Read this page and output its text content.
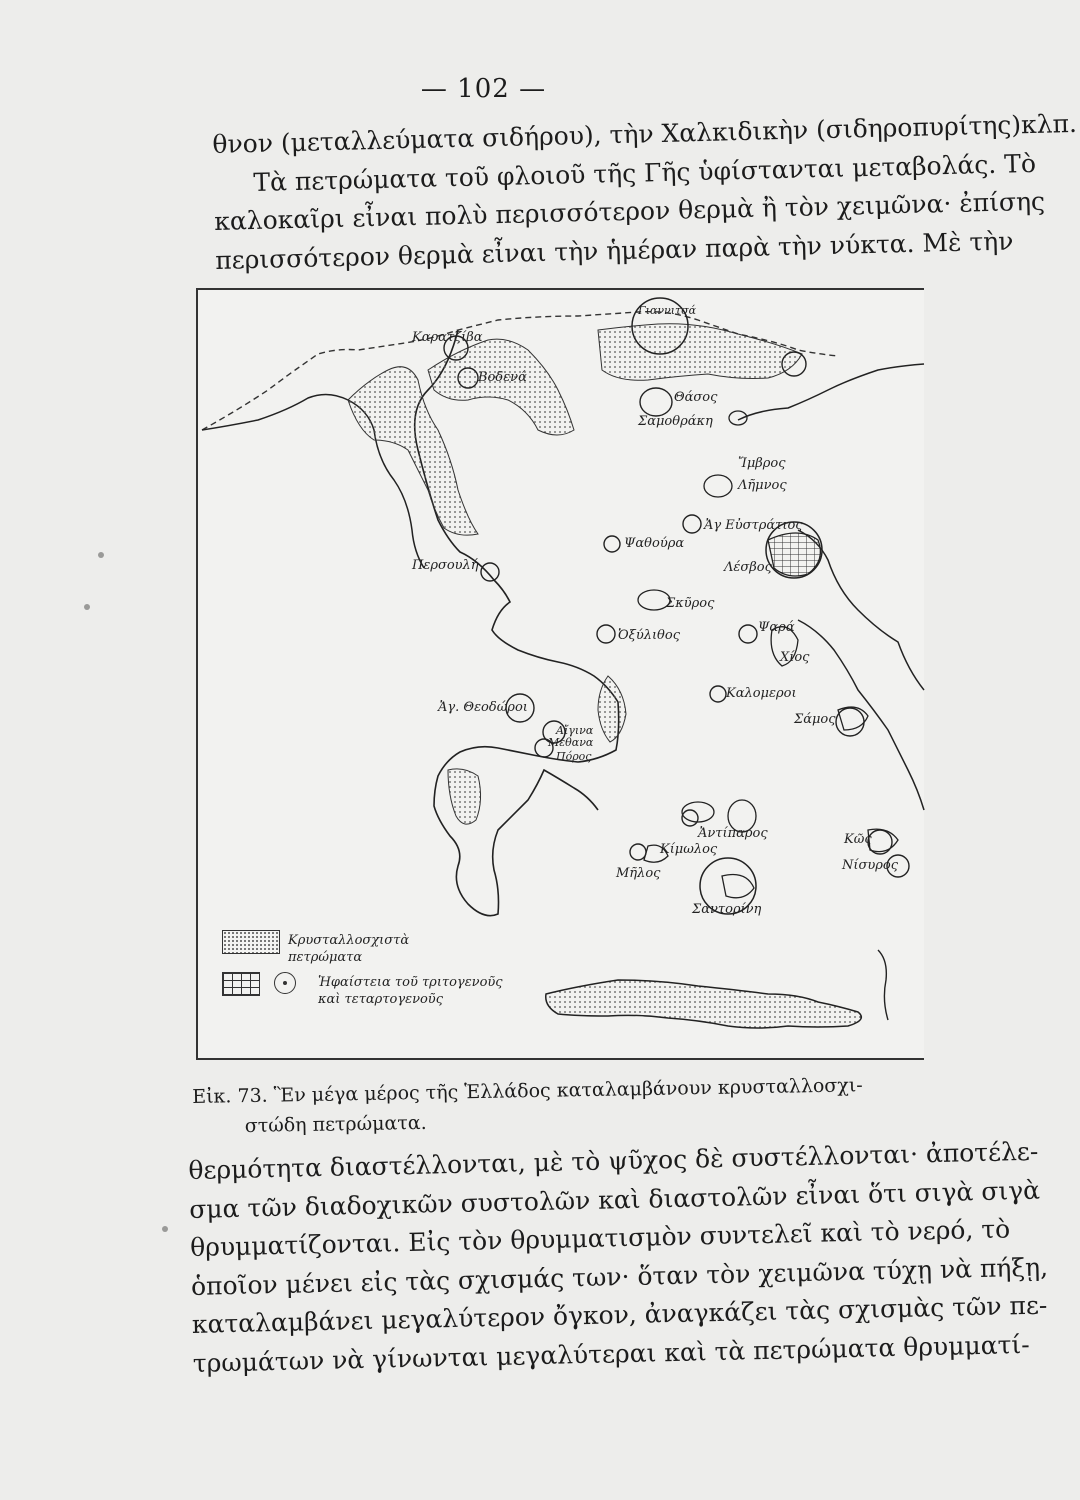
— 102 —
θνον (μεταλλεύματα σιδήρου), τὴν Χαλκιδικὴν (σιδηροπυρίτης)κλπ.
Τὰ πετρώματα τοῦ φλοιοῦ τῆς Γῆς ὑφίστανται μεταβολάς. Τὸ
καλοκαῖρι εἶναι πολὺ περισσότερον θερμὰ ἢ τὸν χειμῶνα· ἐπίσης
περισσότερον θερμὰ εἶναι τὴν ἡμέραν παρὰ τὴν νύκτα. Μὲ τὴν
Καρατζίβα
Γιαννιτσά
Βοδενά
Θάσος
Σαμοθράκη
Ἴμβρος
Λῆμνος
Ἀγ Εὐστράτιος
Ψαθούρα
Περσουλή	Λέσβος
Σκῦρος
Ὀξύλιθος
Ψαρά
Χίος
Καλομεροι
Σάμος
Ἀγ. Θεοδώροι
Αἴγινα
Μέθανα
Πόρος
Ἀντίπαρος
Κίμωλος
Μῆλος
Κῶς
Νίσυρος
Σαντορίνη
Κρυσταλλοσχιστὰ
πετρώματα
Ἡφαίστεια τοῦ τριτογενοῦς
καὶ τεταρτογενοῦς
Εἰκ. 73. Ἓν μέγα μέρος τῆς Ἑλλάδος καταλαμβάνουν κρυσταλλοσχι-
στώδη πετρώματα.
θερμότητα διαστέλλονται, μὲ τὸ ψῦχος δὲ συστέλλονται· ἀποτέλε-
σμα τῶν διαδοχικῶν συστολῶν καὶ διαστολῶν εἶναι ὅτι σιγὰ σιγὰ
θρυμματίζονται. Εἰς τὸν θρυμματισμὸν συντελεῖ καὶ τὸ νερό, τὸ
ὁποῖον μένει εἰς τὰς σχισμάς των· ὅταν τὸν χειμῶνα τύχῃ νὰ πήξῃ,
καταλαμβάνει μεγαλύτερον ὄγκον, ἀναγκάζει τὰς σχισμὰς τῶν πε-
τρωμάτων νὰ γίνωνται μεγαλύτεραι καὶ τὰ πετρώματα θρυμματί-
